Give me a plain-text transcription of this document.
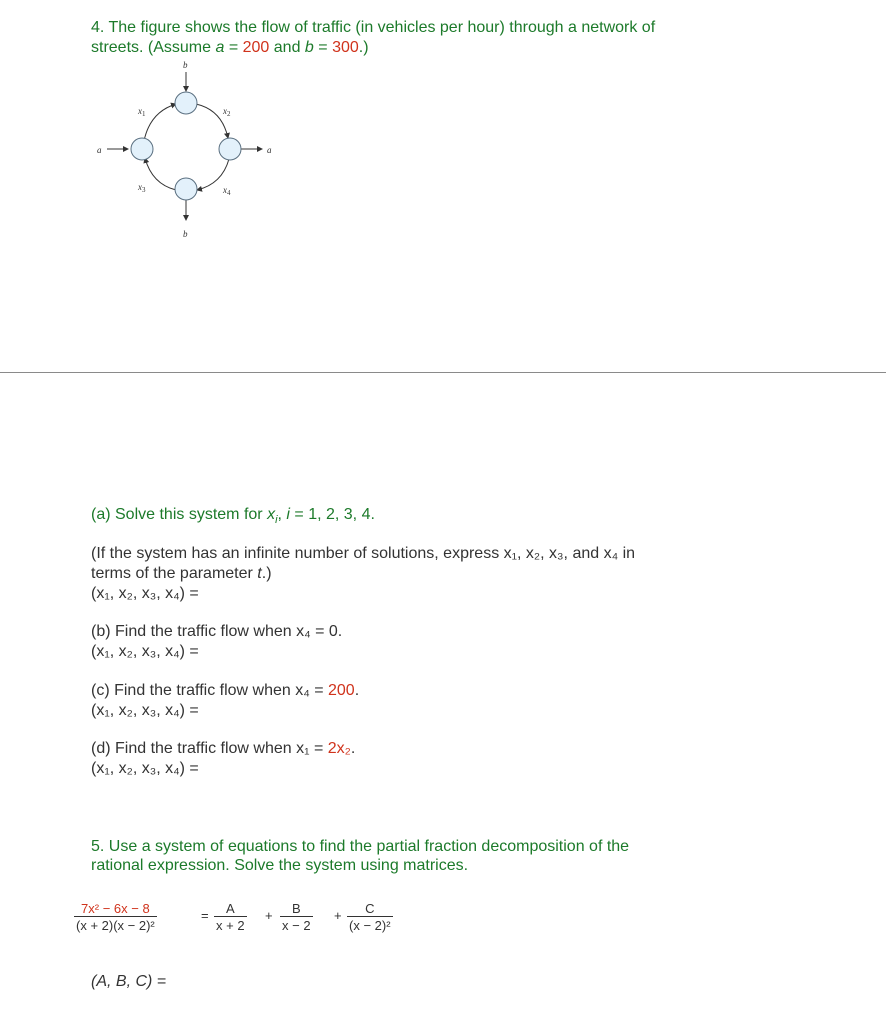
4. The figure shows the flow of traffic (in vehicles per hour) through a network of
streets. (Assume a = 200 and b = 300.)
b
b
a	a
$x_1$	$x_2$
$x_3$	$x_4$
(a) Solve this system for $x_i$, i = 1, 2, 3, 4.
(If the system has an infinite number of solutions, express x₁, x₂, x₃, and x₄ in
terms of the parameter t.)
(x₁, x₂, x₃, x₄) =
(b) Find the traffic flow when x₄ = 0.
(x₁, x₂, x₃, x₄) =
(c) Find the traffic flow when x₄ = 200.
(x₁, x₂, x₃, x₄) =
(d) Find the traffic flow when x₁ = 2x₂.
(x₁, x₂, x₃, x₄) =
5. Use a system of equations to find the partial fraction decomposition of the
rational expression. Solve the system using matrices.
$\frac{\text{7x² − 6x − 8}}{\text{(x + 2)(x − 2)²}}$	= $\frac{A}{x + 2} + \frac{B}{x - 2} + \frac{C}{\text{(x − 2)²}}$
(A, B, C) =
